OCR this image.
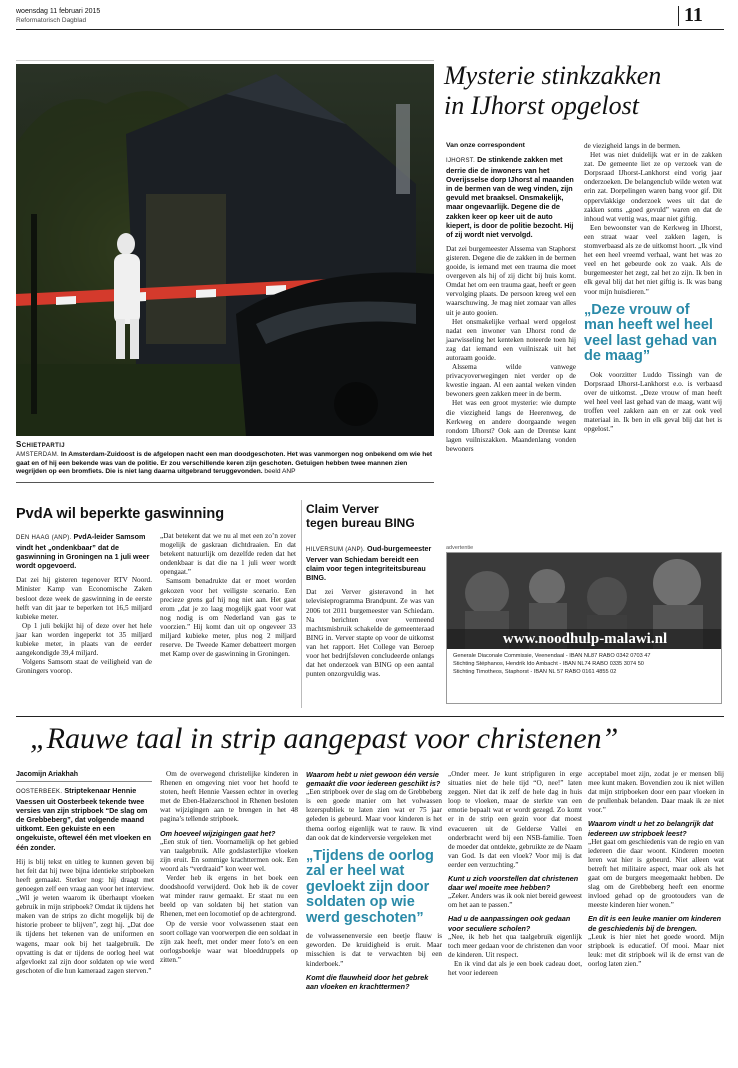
woensdag 11 februari 2015
Reformatorisch Dagblad	11
Schietpartij
AMSTERDAM. In Amsterdam-Zuidoost is de afgelopen nacht een man doodgeschoten. Het was vanmorgen nog onbekend om wie het gaat en of hij een bekende was van de politie. Er zou verschillende keren zijn geschoten. Getuigen hebben twee mannen zien wegrijden op een bromfiets. Die is niet lang daarna uitgebrand teruggevonden. beeld ANP
Mysterie stinkzakken
in IJhorst opgelost
Van onze correspondent
IJHORST. De stinkende zakken met derrie die de inwoners van het Overijsselse dorp IJhorst al maanden in de bermen van de weg vinden, zijn gevuld met braaksel. Onsmakelijk, maar ongevaarlijk. Degene die de zakken keer op keer uit de auto kiepert, is door de politie bezocht. Hij of zij wordt niet vervolgd.

Dat zei burgemeester Alssema van Staphorst gisteren. Degene die de zakken in de bermen gooide, is iemand met een trauma die moet overgeven als hij of zij dicht bij huis komt. Omdat het om een trauma gaat, heeft er geen vervolging plaats. De persoon kreeg wel een waarschuwing. Je mag niet zomaar van alles uit je auto gooien.

Het onsmakelijke verhaal werd opgelost nadat een inwoner van IJhorst rond de jaarwisseling het kenteken noteerde toen hij zag dat iemand een vuilniszak uit het autoraam gooide.

Alssema wilde vanwege privacyoverwegingen niet verder op de kwestie ingaan. Al een aantal weken vinden bewoners geen zakken meer in de berm.

Het was een groot mysterie: wie dumpte die viezigheid langs de Heerenweg, de Kerkweg en andere doorgaande wegen rondom IJhorst? Ook aan de Drentse kant lagen vuilniszakken. Maandenlang vonden bewoners

de viezigheid langs in de bermen.

Het was niet duidelijk wat er in de zakken zat. De gemeente liet ze op verzoek van de Dorpsraad IJhorst-Lankhorst eind vorig jaar onderzoeken. De belangenclub wilde weten wat erin zat. Dorpelingen waren bang voor gif. Dit oppervlakkige onderzoek wees uit dat de zakken soms „goed gevuld” waren en dat de inhoud wat vettig was, maar niet giftig.

Een bewoonster van de Kerkweg in IJhorst, een straat waar veel zakken lagen, is stomverbaasd als ze de uitkomst hoort. „Ik vind het een heel vreemd verhaal, want het was zo veel en het gebeurde ook zo vaak. Als de burgemeester het zegt, zal het zo zijn. Ik ben in elk geval blij dat het niet giftig is. Ik was bang voor mijn huisdieren.”

„Deze vrouw of man heeft wel heel veel last gehad van de maag”

Ook voorzitter Luddo Tissingh van de Dorpsraad IJhorst-Lankhorst e.o. is verbaasd over de uitkomst. „Deze vrouw of man heeft wel heel veel last gehad van de maag, want wij troffen veel zakken aan en er zat ook veel materiaal in. Ik ben in elk geval blij dat het is opgelost.”

PvdA wil beperkte gaswinning
DEN HAAG (ANP). PvdA-leider Samsom vindt het „ondenkbaar” dat de gaswinning in Groningen na 1 juli weer wordt opgevoerd.

Dat zei hij gisteren tegenover RTV Noord. Minister Kamp van Economische Zaken besloot deze week de gaswinning in de eerste helft van dit jaar te beperken tot 16,5 miljard kubieke meter.

Op 1 juli bekijkt hij of deze over het hele jaar kan worden ingeperkt tot 35 miljard kubieke meter, in plaats van de eerder aangekondigde 39,4 miljard.

Volgens Samsom staat de veiligheid van de Groningers voorop.

„Dat betekent dat we nu al met een zo’n zover mogelijk de gaskraan dichtdraaien. En dat betekent natuurlijk om dezelfde reden dat het ondenkbaar is dat die na 1 juli weer wordt opengaat.”

Samsom benadrukte dat er moet worden gekozen voor het veiligste scenario. Een precieze grens gaf hij nog niet aan. Het gaat erom „dat je zo laag mogelijk gaat voor wat nog nodig is om Nederland van gas te voorzien.” Hij komt dan uit op ongeveer 33 miljard kubieke meter, plus nog 2 miljard reserve. De Tweede Kamer debatteert morgen met Kamp over de gaswinning in Groningen.

Claim Verver
tegen bureau BING
HILVERSUM (ANP). Oud-burgemeester Verver van Schiedam bereidt een claim voor tegen integriteitsbureau BING.

Dat zei Verver gisteravond in het televisieprogramma Brandpunt. Ze was van 2006 tot 2011 burgemeester van Schiedam. Na berichten over vermeend machtsmisbruik schakelde de gemeenteraad BING in. Verver stapte op voor de uitkomst van het rapport. Het College van Beroep voor het bedrijfsleven concludeerde onlangs dat het onderzoek van BING op een aantal punten onzorgvuldig was.

advertentie
www.noodhulp-malawi.nl
Generale Diaconale Commissie, Veenendaal - IBAN NL87 RABO 0342 0703 47
Stichting Stéphanos, Hendrik Ido Ambacht - IBAN NL74 RABO 0335 3074 50
Stichting Timotheos, Staphorst - IBAN NL 57 RABO 0161 4855 02
„Rauwe taal in strip aangepast voor christenen”
Jacomijn Ariakhah
OOSTERBEEK. Striptekenaar Hennie Vaessen uit Oosterbeek tekende twee versies van zijn stripboek “De slag om de Grebbeberg”, dat volgende maand uitkomt. Een gekuiste en een ongekuiste, oftewel één met vloeken en één zonder.

Hij is blij tekst en uitleg te kunnen geven bij het feit dat hij twee bijna identieke stripboeken heeft gemaakt. Sterker nog: hij draagt met genoegen zelf een vraag aan voor het interview. „Wil je weten waarom ik überhaupt vloeken gebruik in mijn stripboek? Omdat ik tijdens het maken van de strips zo dicht mogelijk bij de historie probeer te blijven”, zegt hij. „Dat doe ik tijdens het tekenen van de uniformen en wagens, maar ook bij het taalgebruik. De opvatting is dat er tijdens de oorlog heel wat afgevloekt zal zijn door soldaten op wie werd geschoten of die hun kameraad zagen sterven.”

Om de overwegend christelijke kinderen in Rhenen en omgeving niet voor het hoofd te stoten, heeft Hennie Vaessen echter in overleg met de Eben-Haëzerschool in Rhenen besloten wat wijzigingen aan te brengen in het 48 pagina’s tellende stripboek.

Om hoeveel wijzigingen gaat het?

„Een stuk of tien. Voornamelijk op het gebied van taalgebruik. Alle godslasterlijke vloeken zijn eruit. En sommige krachttermen ook. Een woord als “verdraaid” kon weer wel.

Verder heb ik ergens in het boek een doodshoofd verwijderd. Ook heb ik de cover wat minder rauw gemaakt. Er staat nu een beeld op van soldaten bij het station van Rhenen, met een locomotief op de achtergrond.

Op de versie voor volwassenen staat een soort collage van voorwerpen die een soldaat in zijn zak heeft, met onder meer foto’s en een oorlogsboekje waar wat bloeddruppels op zitten.”

Waarom hebt u niet gewoon één versie gemaakt die voor iedereen geschikt is?

„Een stripboek over de slag om de Grebbeberg is een goede manier om het volwassen lezerspubliek te laten zien wat er 75 jaar geleden is gebeurd. Maar voor kinderen is het thema oorlog eigenlijk wat te rauw. Ik vind dan ook dat de kinderversie vergeleken met

„Tijdens de oorlog zal er heel wat gevloekt zijn door soldaten op wie werd geschoten”

de volwassenenversie een beetje flauw is geworden. De kruidigheid is eruit. Maar misschien is dat te verwachten bij een kinderboek.”

Komt die flauwheid door het gebrek aan vloeken en krachttermen?

„Onder meer. Je kunt stripfiguren in erge situaties niet de hele tijd “O, nee!” laten zeggen. Niet dat ik zelf de hele dag in huis loop te vloeken, maar de sterkte van een emotie bepaalt wat er wordt gezegd. Zo komt er in de strip een gezin voor dat moest evacueren uit de Gelderse Vallei en onderbracht werd bij een NSB-familie. Toen de moeder dat ontdekte, gebruikte ze de Naam van God. Is dat een vloek? Voor mij is dat eerder een verzuchting.”

Kunt u zich voorstellen dat christenen daar wel moeite mee hebben?

„Zeker. Anders was ik ook niet bereid geweest om het aan te passen.”

Had u de aanpassingen ook gedaan voor seculiere scholen?

„Nee, ik heb het qua taalgebruik eigenlijk toch meer gedaan voor de christenen dan voor de kinderen. Uit respect.

En ik vind dat als je een boek cadeau doet, het voor iedereen

acceptabel moet zijn, zodat je er mensen blij mee kunt maken. Bovendien zou ik niet willen dat mijn stripboeken door een paar vloeken in de prullenbak belanden. Daar maak ik ze niet voor.”

Waarom vindt u het zo belangrijk dat iedereen uw stripboek leest?

„Het gaat om geschiedenis van de regio en van iedereen die daar woont. Kinderen moeten leren wat hier is gebeurd. Niet alleen wat betreft het militaire aspect, maar ook als het gaat om de burgers meegemaakt hebben. De slag om de Grebbeberg heeft een enorme invloed gehad op de grootouders van de meeste kinderen hier wonen.”

En dit is een leuke manier om kinderen de geschiedenis bij de brengen.

„Leuk is hier niet het goede woord. Mijn stripboek is educatief. Of mooi. Maar niet leuk: met dit stripboek wil ik de ernst van de oorlog laten zien.”
